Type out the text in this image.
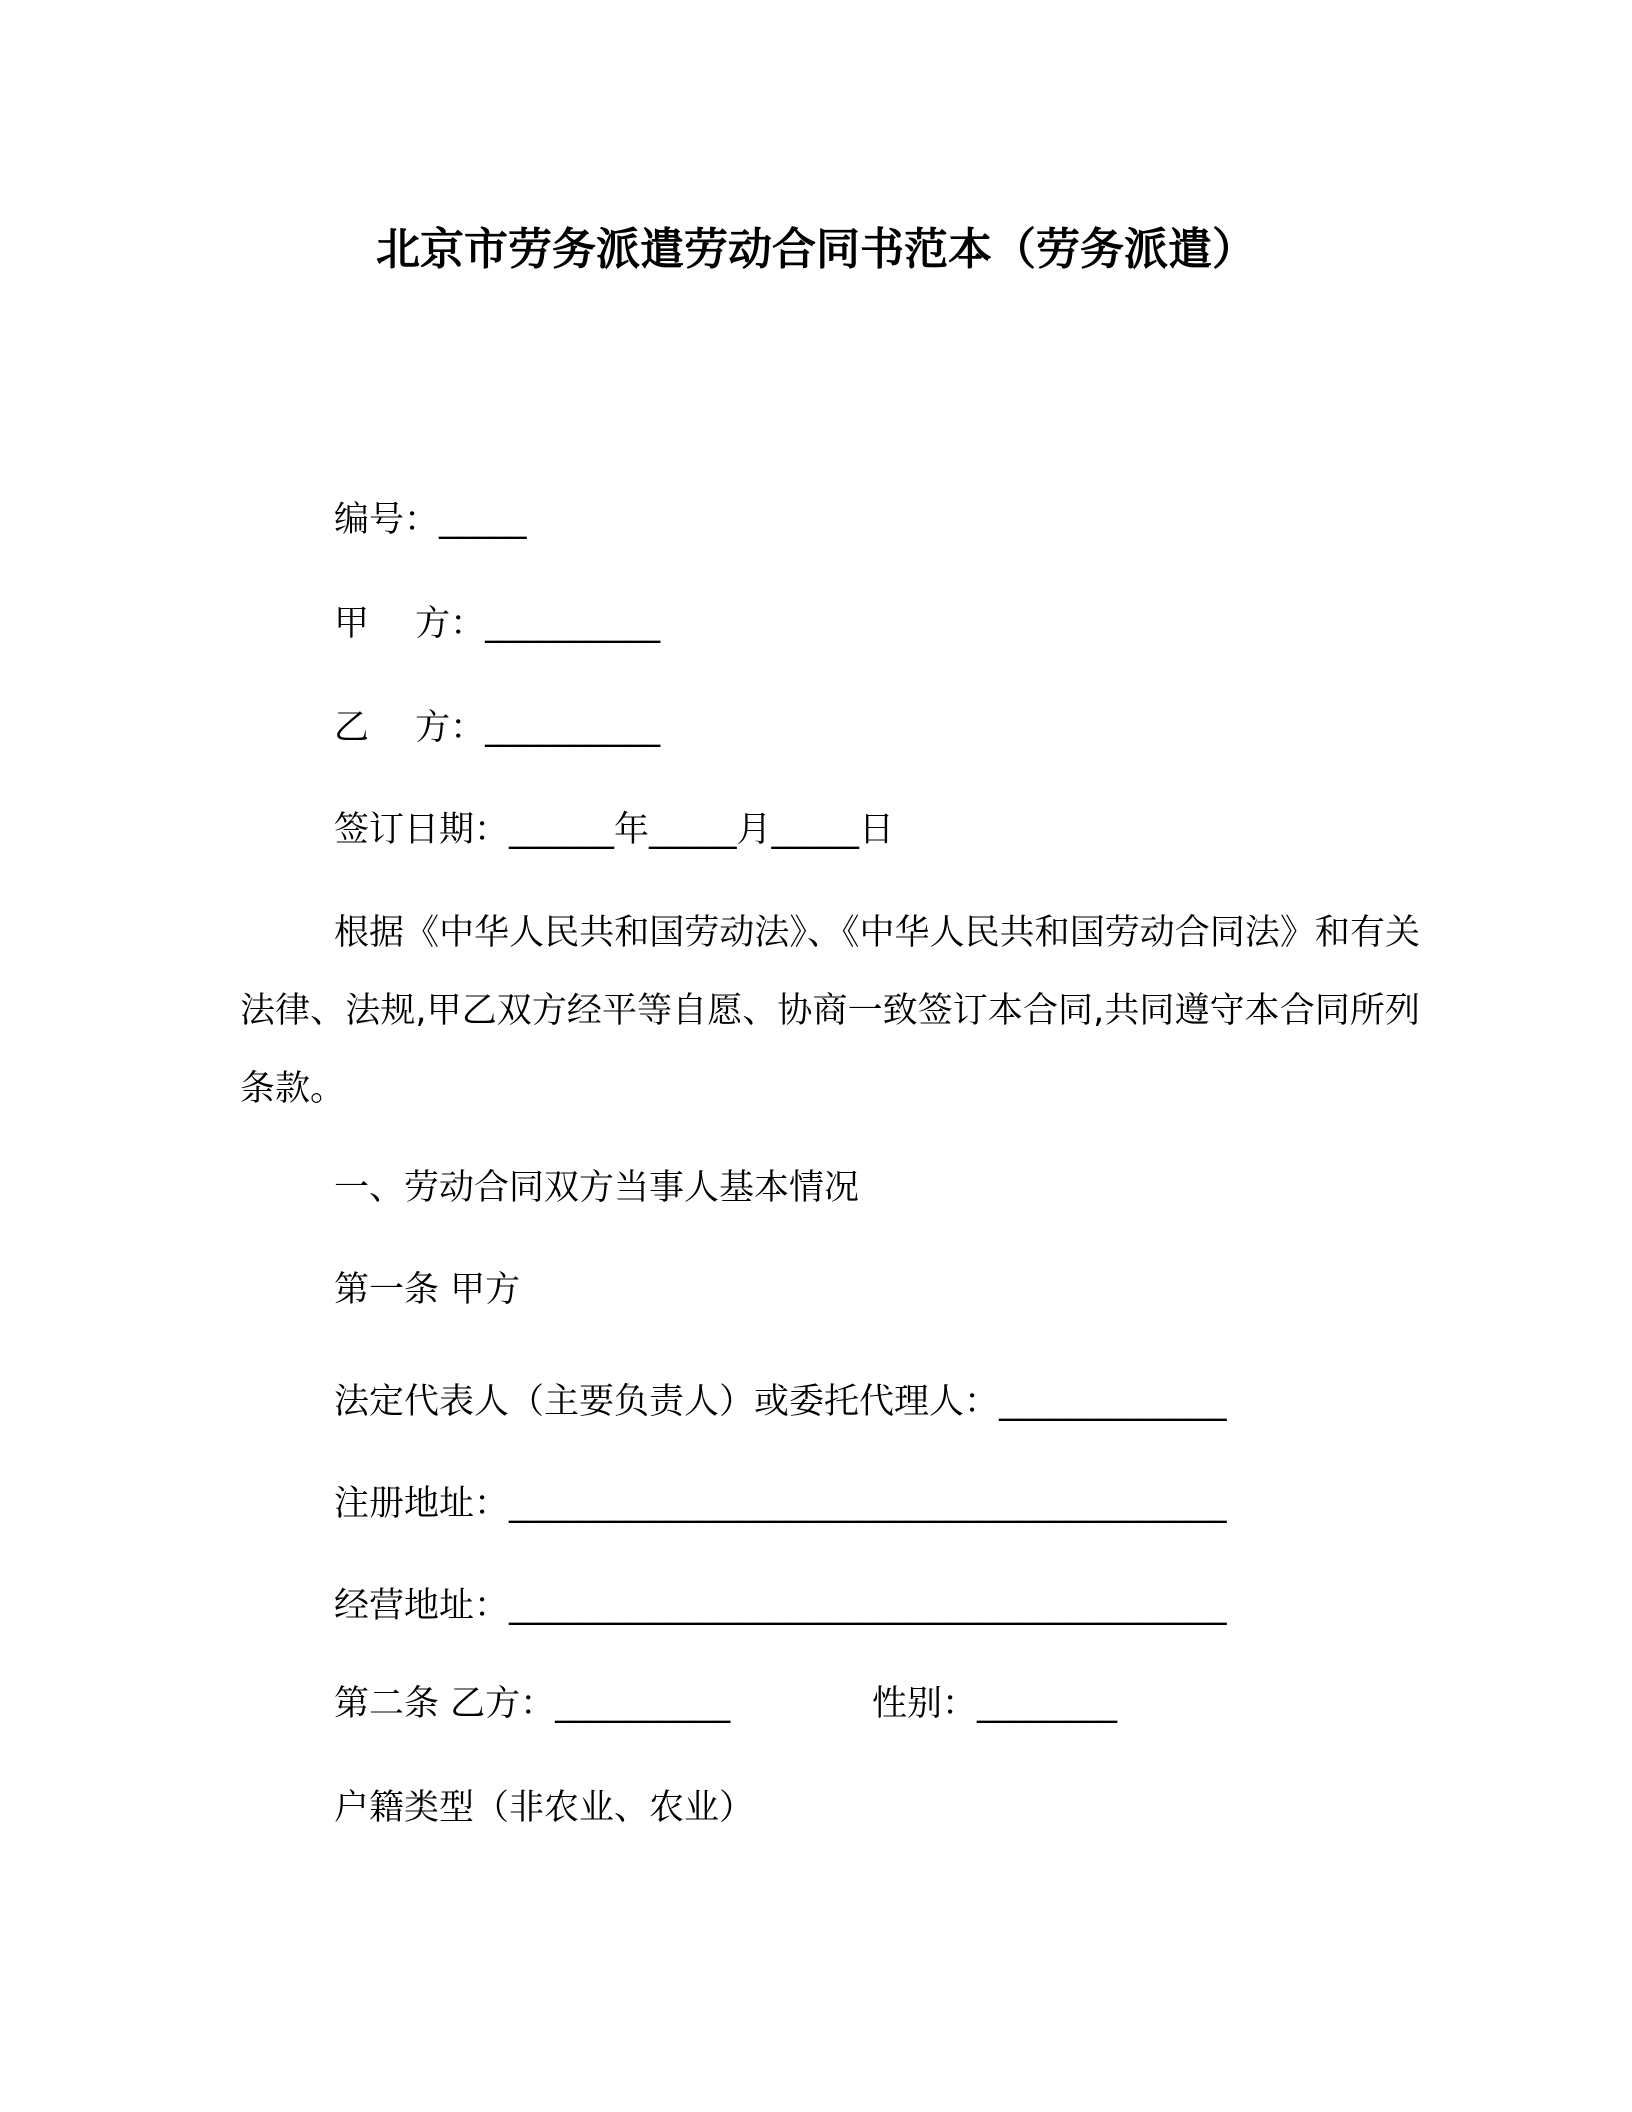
北京市劳务派遣劳动合同书范本（劳务派遣）
编号：_____
甲　 方：__________
乙　 方：__________
签订日期：______年_____月_____日
根据《中华人民共和国劳动法》、《中华人民共和国劳动合同法》和有关法律、法规,甲乙双方经平等自愿、协商一致签订本合同,共同遵守本合同所列条款。
一、劳动合同双方当事人基本情况
第一条 甲方
法定代表人（主要负责人）或委托代理人：_____________
注册地址：_________________________________________
经营地址：_________________________________________
第二条 乙方：__________	性别：________
户籍类型（非农业、农业）
